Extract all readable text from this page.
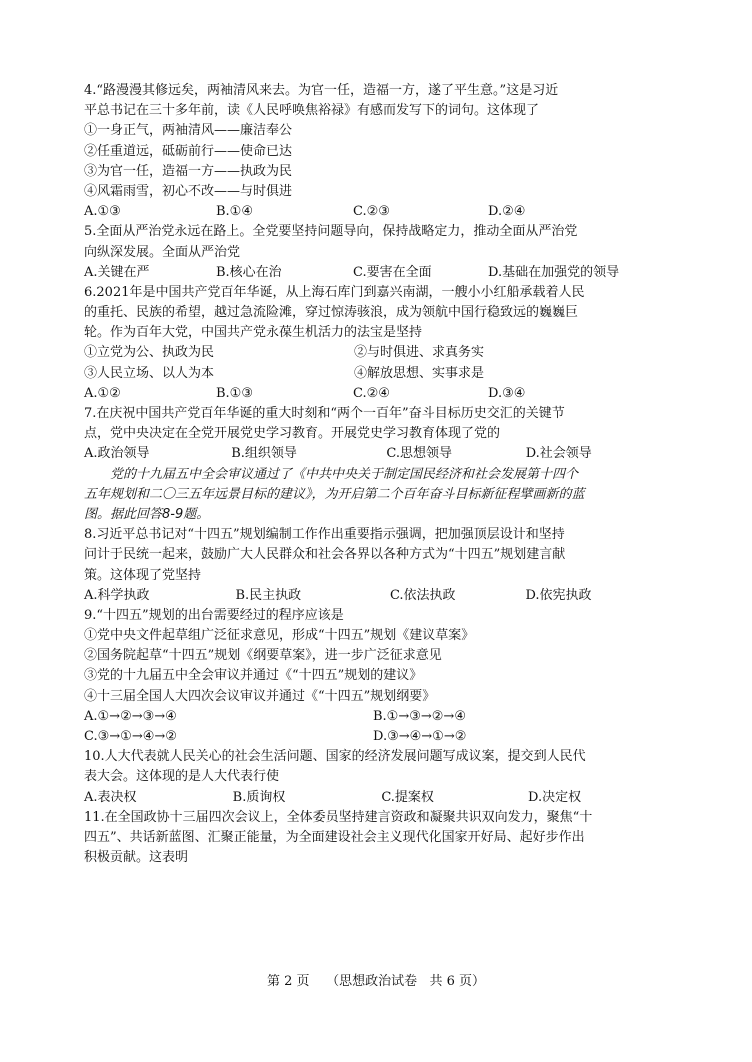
4.“路漫漫其修远矣，两袖清风来去。为官一任，造福一方，遂了平生意。”这是习近
平总书记在三十多年前，读《人民呼唤焦裕禄》有感而发写下的词句。这体现了
①一身正气，两袖清风——廉洁奉公
②任重道远，砥砺前行——使命已达
③为官一任，造福一方——执政为民
④风霜雨雪，初心不改——与时俱进
A.①③	B.①④	C.②③	D.②④
5.全面从严治党永远在路上。全党要坚持问题导向，保持战略定力，推动全面从严治党
向纵深发展。全面从严治党
A.关键在严	B.核心在治	C.要害在全面	D.基础在加强党的领导
6.2021年是中国共产党百年华诞，从上海石库门到嘉兴南湖，一艘小小红船承载着人民
的重托、民族的希望，越过急流险滩，穿过惊涛骇浪，成为领航中国行稳致远的巍巍巨
轮。作为百年大党，中国共产党永葆生机活力的法宝是坚持
①立党为公、执政为民	②与时俱进、求真务实
③人民立场、以人为本	④解放思想、实事求是
A.①②	B.①③	C.②④	D.③④
7.在庆祝中国共产党百年华诞的重大时刻和“两个一百年”奋斗目标历史交汇的关键节
点，党中央决定在全党开展党史学习教育。开展党史学习教育体现了党的
A.政治领导	B.组织领导	C.思想领导	D.社会领导
党的十九届五中全会审议通过了《中共中央关于制定国民经济和社会发展第十四个
五年规划和二〇三五年远景目标的建议》，为开启第二个百年奋斗目标新征程擘画新的蓝
图。据此回答8-9题。
8.习近平总书记对“十四五”规划编制工作作出重要指示强调，把加强顶层设计和坚持
问计于民统一起来，鼓励广大人民群众和社会各界以各种方式为“十四五”规划建言献
策。这体现了党坚持
A.科学执政	B.民主执政	C.依法执政	D.依宪执政
9.“十四五”规划的出台需要经过的程序应该是
①党中央文件起草组广泛征求意见，形成“十四五”规划《建议草案》
②国务院起草“十四五”规划《纲要草案》，进一步广泛征求意见
③党的十九届五中全会审议并通过《“十四五”规划的建议》
④十三届全国人大四次会议审议并通过《“十四五”规划纲要》
A.①→②→③→④	B.①→③→②→④
C.③→①→④→②	D.③→④→①→②
10.人大代表就人民关心的社会生活问题、国家的经济发展问题写成议案，提交到人民代
表大会。这体现的是人大代表行使
A.表决权	B.质询权	C.提案权	D.决定权
11.在全国政协十三届四次会议上，全体委员坚持建言资政和凝聚共识双向发力，聚焦“十
四五”、共话新蓝图、汇聚正能量，为全面建设社会主义现代化国家开好局、起好步作出
积极贡献。这表明
第 2 页    （思想政治试卷   共 6 页）
